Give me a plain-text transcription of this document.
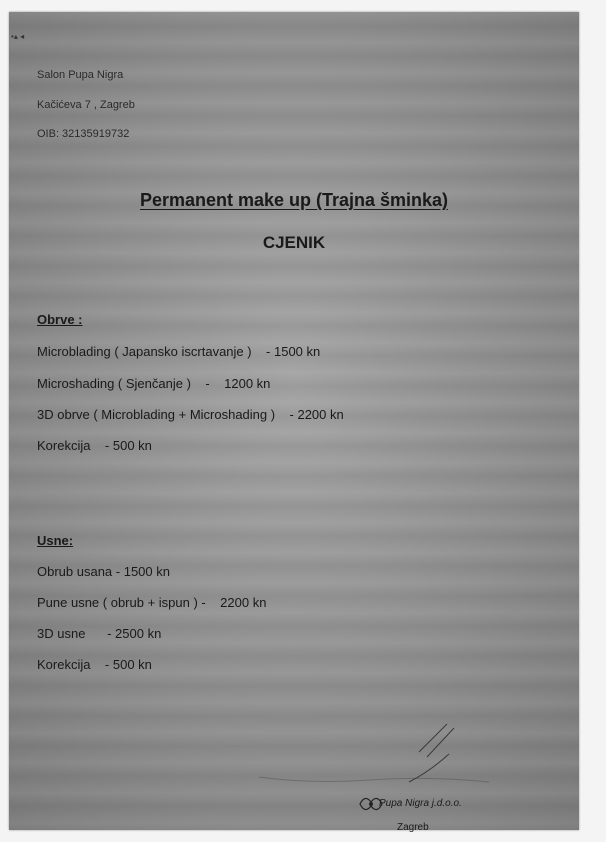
▪︎▴ ◂
Salon Pupa Nigra
Kačićeva 7 , Zagreb
OIB: 32135919732
Permanent make up (Trajna šminka)
CJENIK
Obrve :
Microblading ( Japansko iscrtavanje )    - 1500 kn
Microshading ( Sjenčanje )    -    1200 kn
3D obrve ( Microblading + Microshading )    - 2200 kn
Korekcija    - 500 kn
Usne:
Obrub usana - 1500 kn
Pune usne ( obrub + ispun ) -    2200 kn
3D usne      - 2500 kn
Korekcija    - 500 kn
Pupa Nigra j.d.o.o.
Zagreb
